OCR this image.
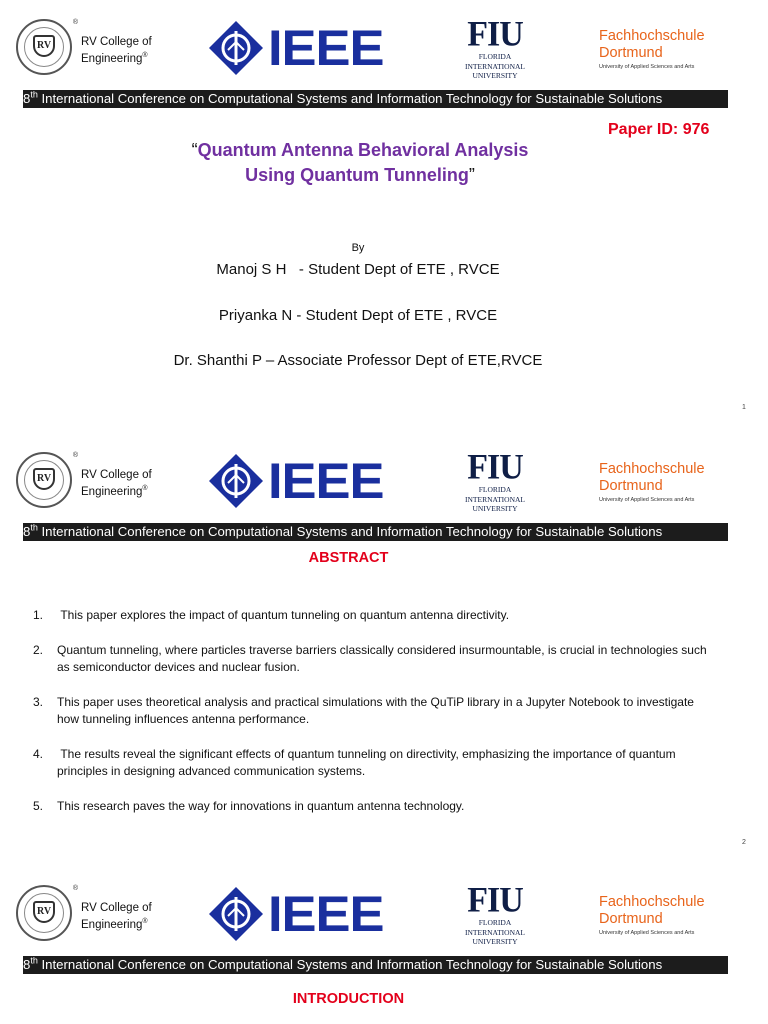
RV
®
RV College of
Engineering® IEEE	FIU
FLORIDA
INTERNATIONAL
UNIVERSITY
Fachhochschule
Dortmund
University of Applied Sciences and Arts
8th International Conference on Computational Systems and Information Technology for Sustainable Solutions
Paper ID: 976
“Quantum Antenna Behavioral Analysis
Using Quantum Tunneling”
By
Manoj S H   - Student Dept of ETE , RVCE
Priyanka N - Student Dept of ETE , RVCE
Dr. Shanthi P – Associate Professor Dept of ETE,RVCE
1
RV
®
RV College of
Engineering® IEEE	FIU
FLORIDA
INTERNATIONAL
UNIVERSITY
Fachhochschule
Dortmund
University of Applied Sciences and Arts
8th International Conference on Computational Systems and Information Technology for Sustainable Solutions
ABSTRACT
1. This paper explores the impact of quantum tunneling on quantum antenna directivity.
2. Quantum tunneling, where particles traverse barriers classically considered insurmountable, is crucial in technologies such as semiconductor devices and nuclear fusion.
3. This paper uses theoretical analysis and practical simulations with the QuTiP library in a Jupyter Notebook to investigate how tunneling influences antenna performance.
4. The results reveal the significant effects of quantum tunneling on directivity, emphasizing the importance of quantum principles in designing advanced communication systems.
5. This research paves the way for innovations in quantum antenna technology.
2
RV
®
RV College of
Engineering® IEEE	FIU
FLORIDA
INTERNATIONAL
UNIVERSITY
Fachhochschule
Dortmund
University of Applied Sciences and Arts
8th International Conference on Computational Systems and Information Technology for Sustainable Solutions
INTRODUCTION
